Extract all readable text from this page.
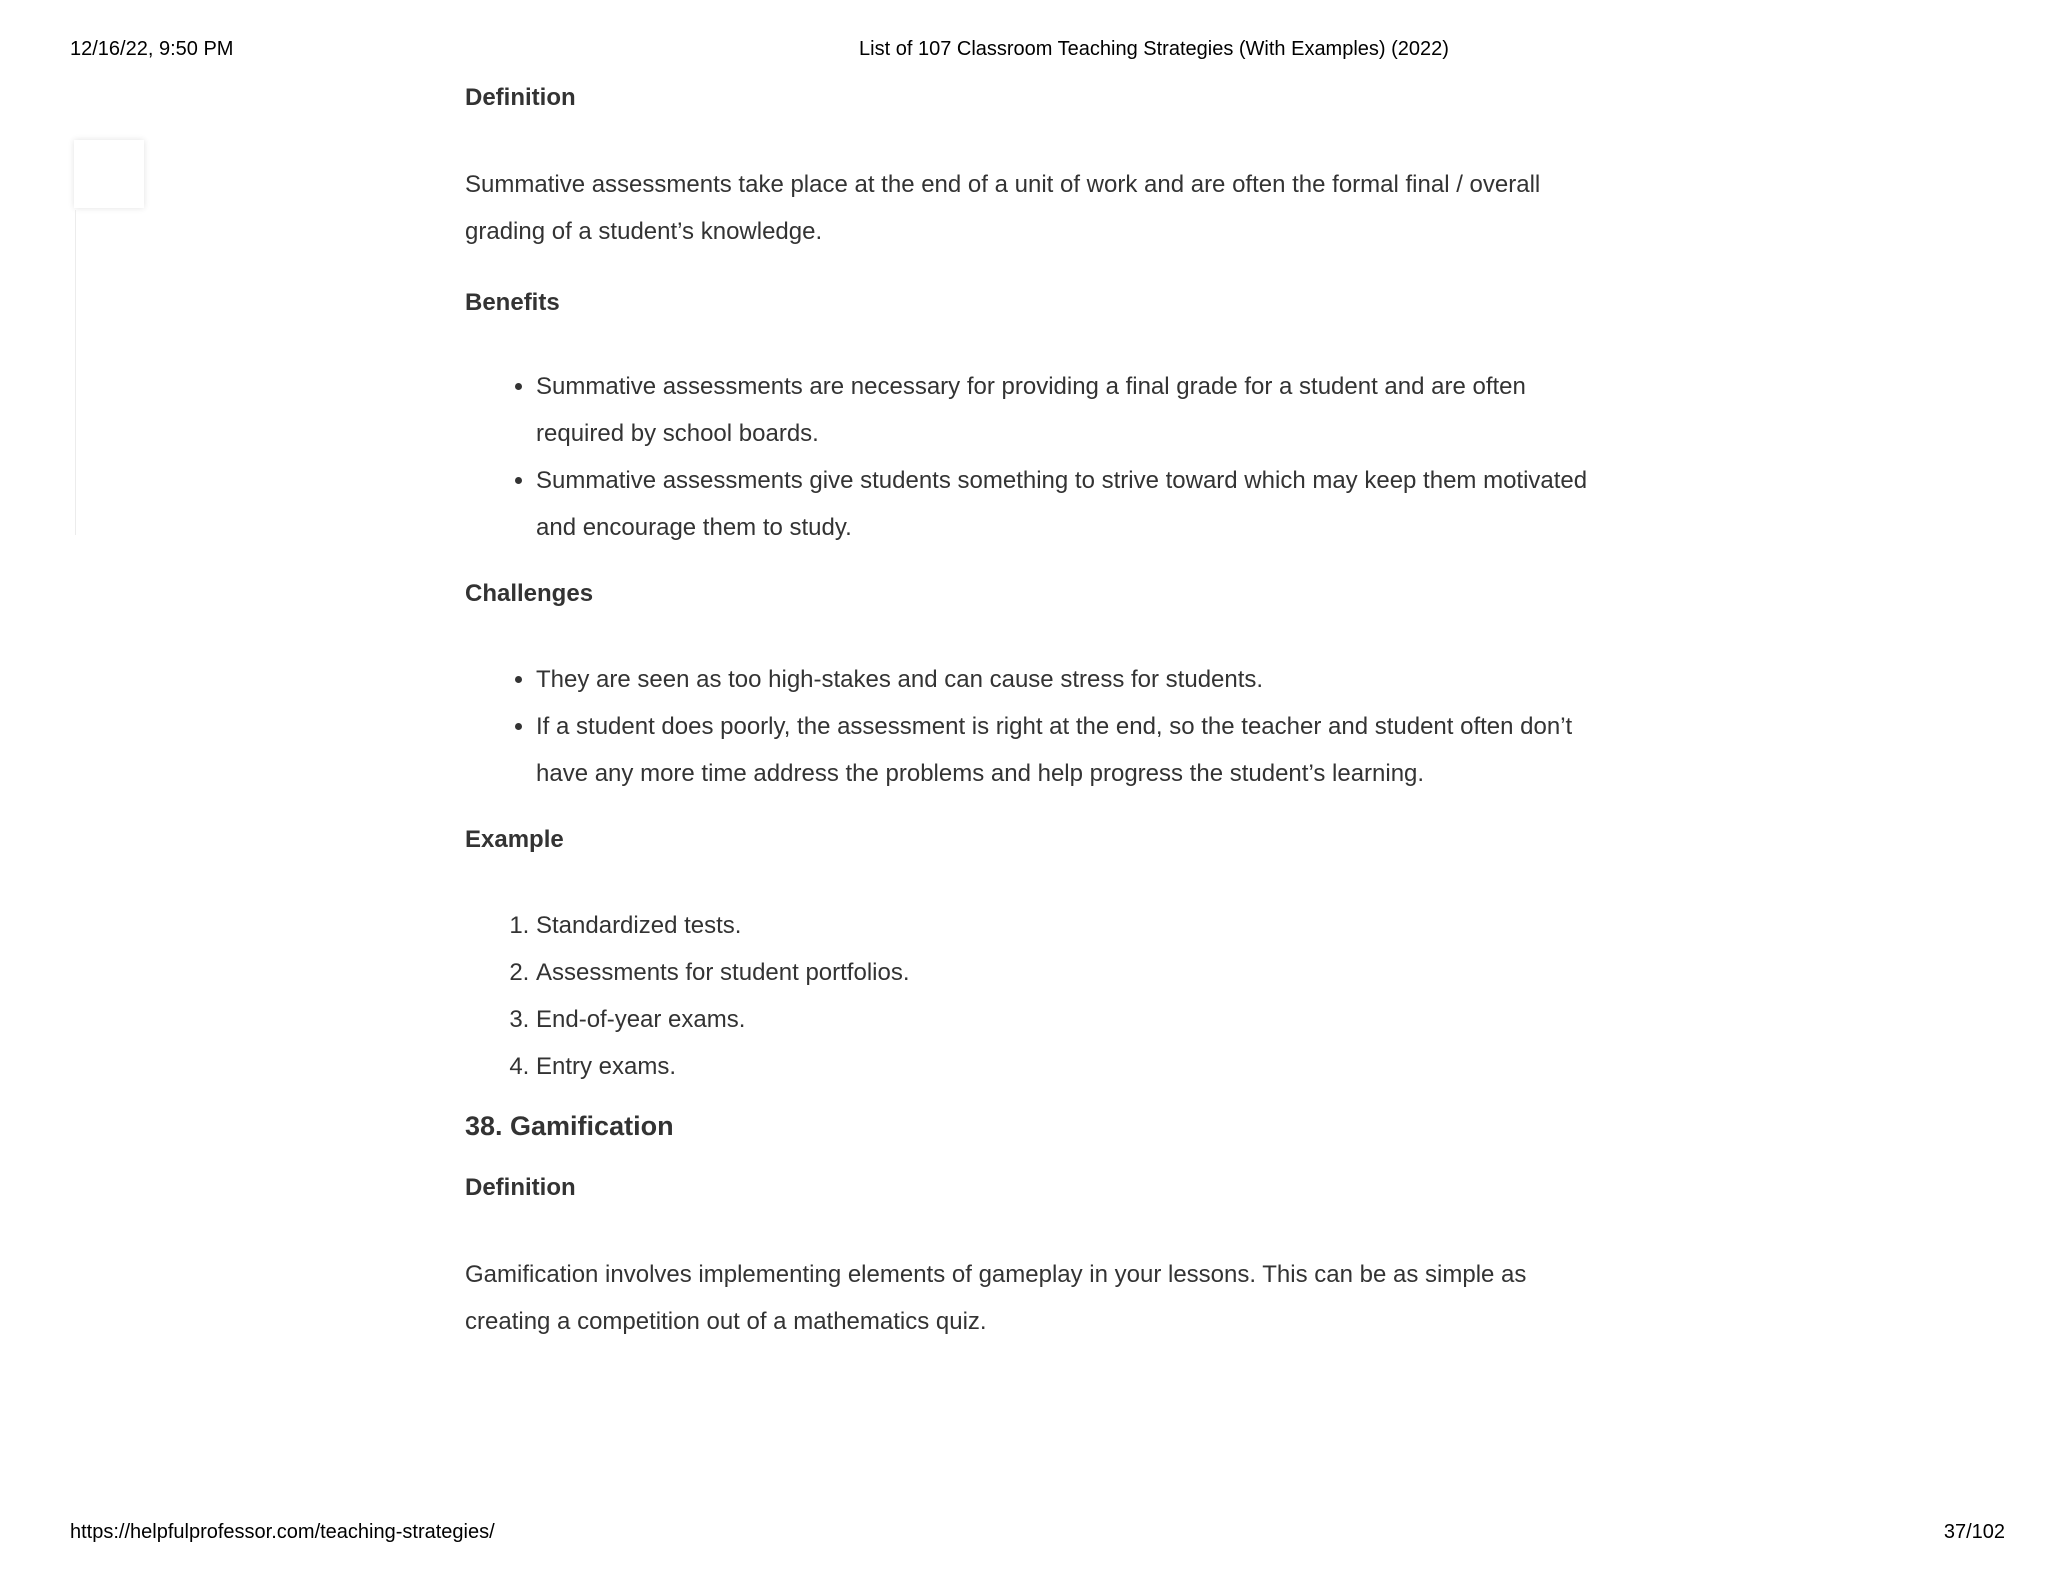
12/16/22, 9:50 PM	List of 107 Classroom Teaching Strategies (With Examples) (2022)

Definition

Summative assessments take place at the end of a unit of work and are often the formal final / overall grading of a student’s knowledge.

Benefits

• Summative assessments are necessary for providing a final grade for a student and are often required by school boards.
• Summative assessments give students something to strive toward which may keep them motivated and encourage them to study.

Challenges

• They are seen as too high-stakes and can cause stress for students.
• If a student does poorly, the assessment is right at the end, so the teacher and student often don’t have any more time address the problems and help progress the student’s learning.

Example

1. Standardized tests.
2. Assessments for student portfolios.
3. End-of-year exams.
4. Entry exams.
38. Gamification

Definition

Gamification involves implementing elements of gameplay in your lessons. This can be as simple as creating a competition out of a mathematics quiz.

https://helpfulprofessor.com/teaching-strategies/	37/102
